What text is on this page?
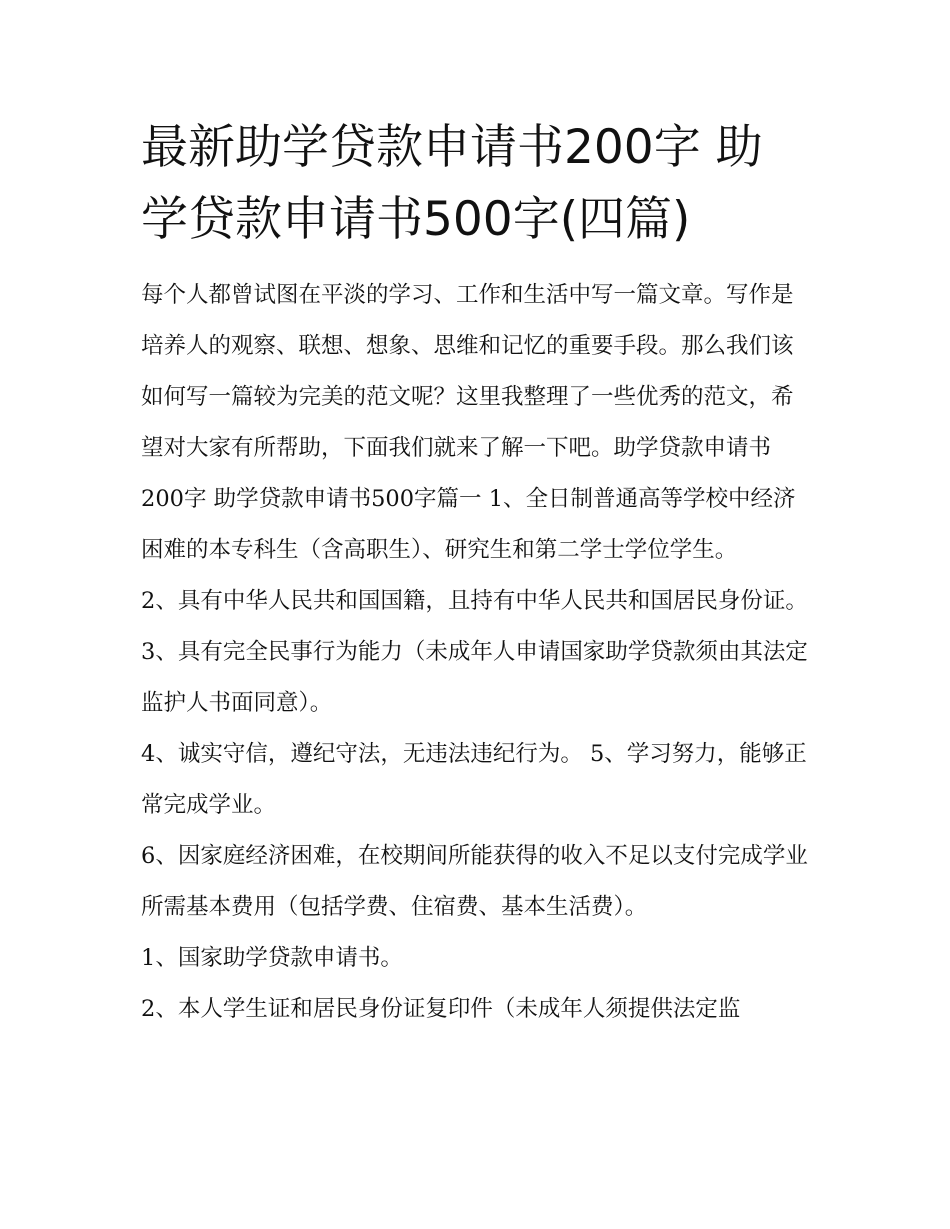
最新助学贷款申请书200字 助
学贷款申请书500字(四篇)

每个人都曾试图在平淡的学习、工作和生活中写一篇文章。写作是培养人的观察、联想、想象、思维和记忆的重要手段。那么我们该如何写一篇较为完美的范文呢？这里我整理了一些优秀的范文，希望对大家有所帮助，下面我们就来了解一下吧。助学贷款申请书200字 助学贷款申请书500字篇一 1、全日制普通高等学校中经济困难的本专科生（含高职生）、研究生和第二学士学位学生。

2、具有中华人民共和国国籍，且持有中华人民共和国居民身份证。 3、具有完全民事行为能力（未成年人申请国家助学贷款须由其法定监护人书面同意）。

4、诚实守信，遵纪守法，无违法违纪行为。 5、学习努力，能够正常完成学业。

6、因家庭经济困难，在校期间所能获得的收入不足以支付完成学业所需基本费用（包括学费、住宿费、基本生活费）。

1、国家助学贷款申请书。

2、本人学生证和居民身份证复印件（未成年人须提供法定监
